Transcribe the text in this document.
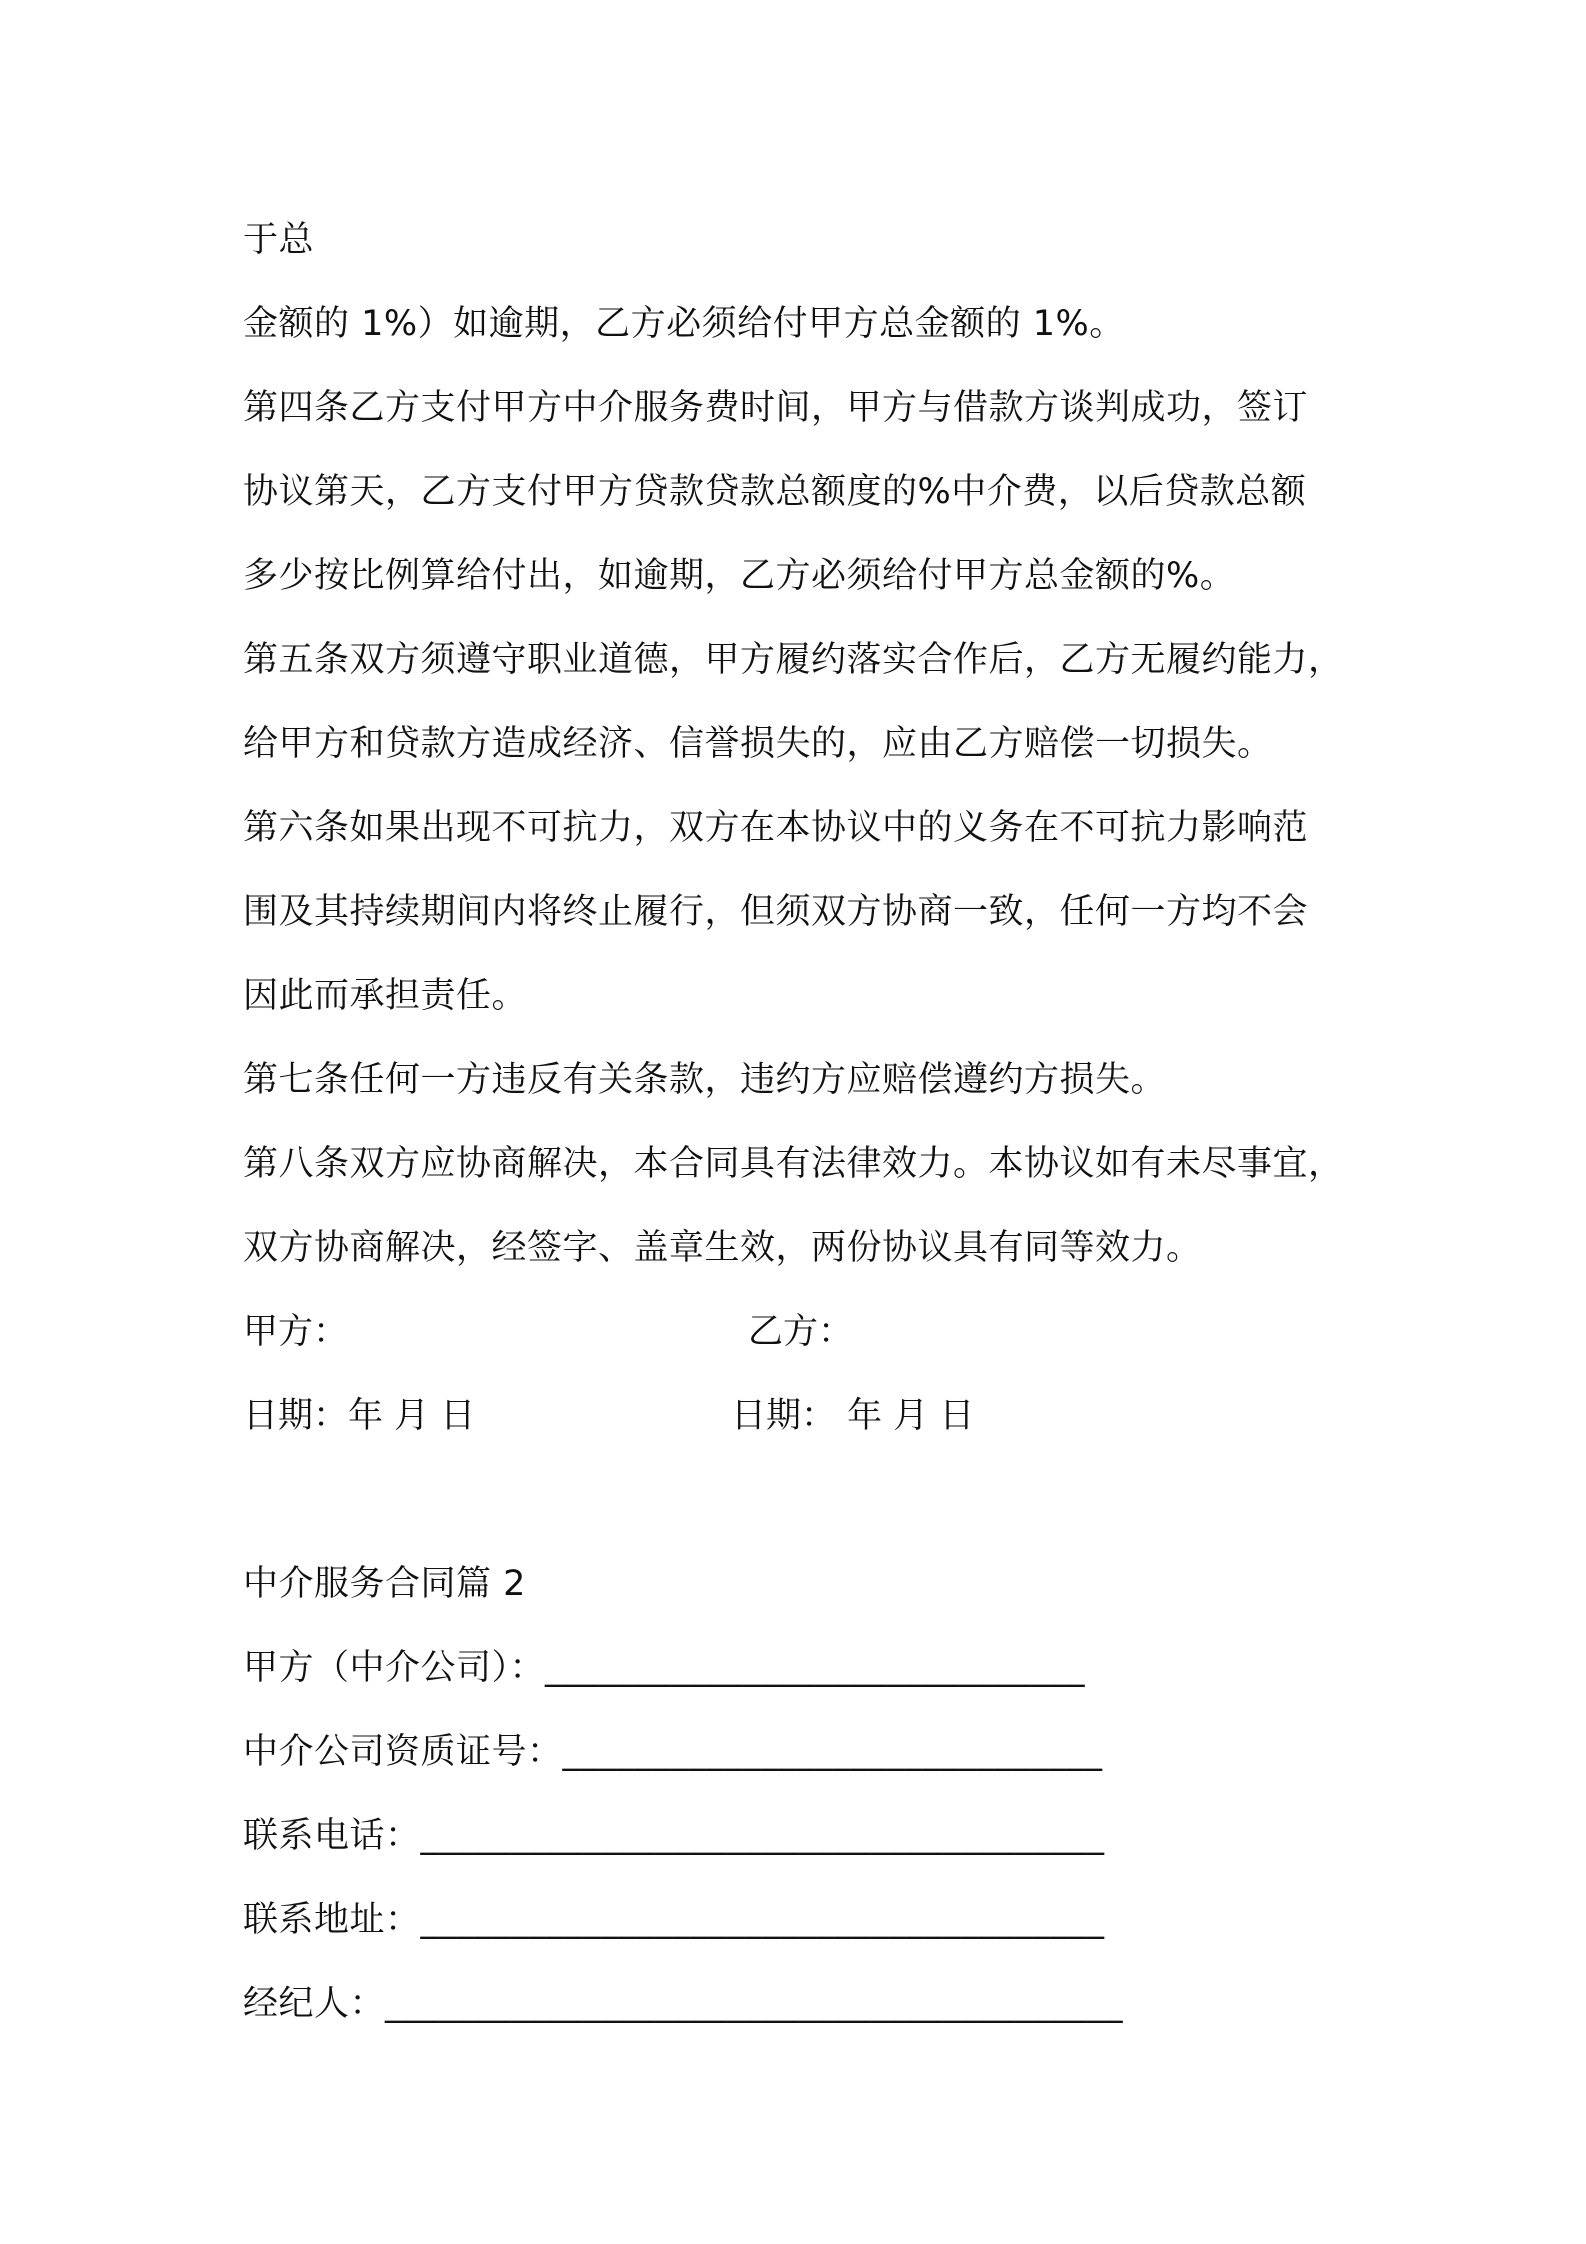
于总
金额的 1%）如逾期，乙方必须给付甲方总金额的 1%。
第四条乙方支付甲方中介服务费时间，甲方与借款方谈判成功，签订
协议第天，乙方支付甲方贷款贷款总额度的%中介费，以后贷款总额
多少按比例算给付出，如逾期，乙方必须给付甲方总金额的%。
第五条双方须遵守职业道德，甲方履约落实合作后，乙方无履约能力，
给甲方和贷款方造成经济、信誉损失的，应由乙方赔偿一切损失。
第六条如果出现不可抗力，双方在本协议中的义务在不可抗力影响范
围及其持续期间内将终止履行，但须双方协商一致，任何一方均不会
因此而承担责任。
第七条任何一方违反有关条款，违约方应赔偿遵约方损失。
第八条双方应协商解决，本合同具有法律效力。本协议如有未尽事宜，
双方协商解决，经签字、盖章生效，两份协议具有同等效力。
甲方：	乙方：
日期：年 月 日	日期： 年 月 日
中介服务合同篇 2
甲方（中介公司）：______________________________
中介公司资质证号：______________________________
联系电话：______________________________________
联系地址：______________________________________
经纪人：_________________________________________
